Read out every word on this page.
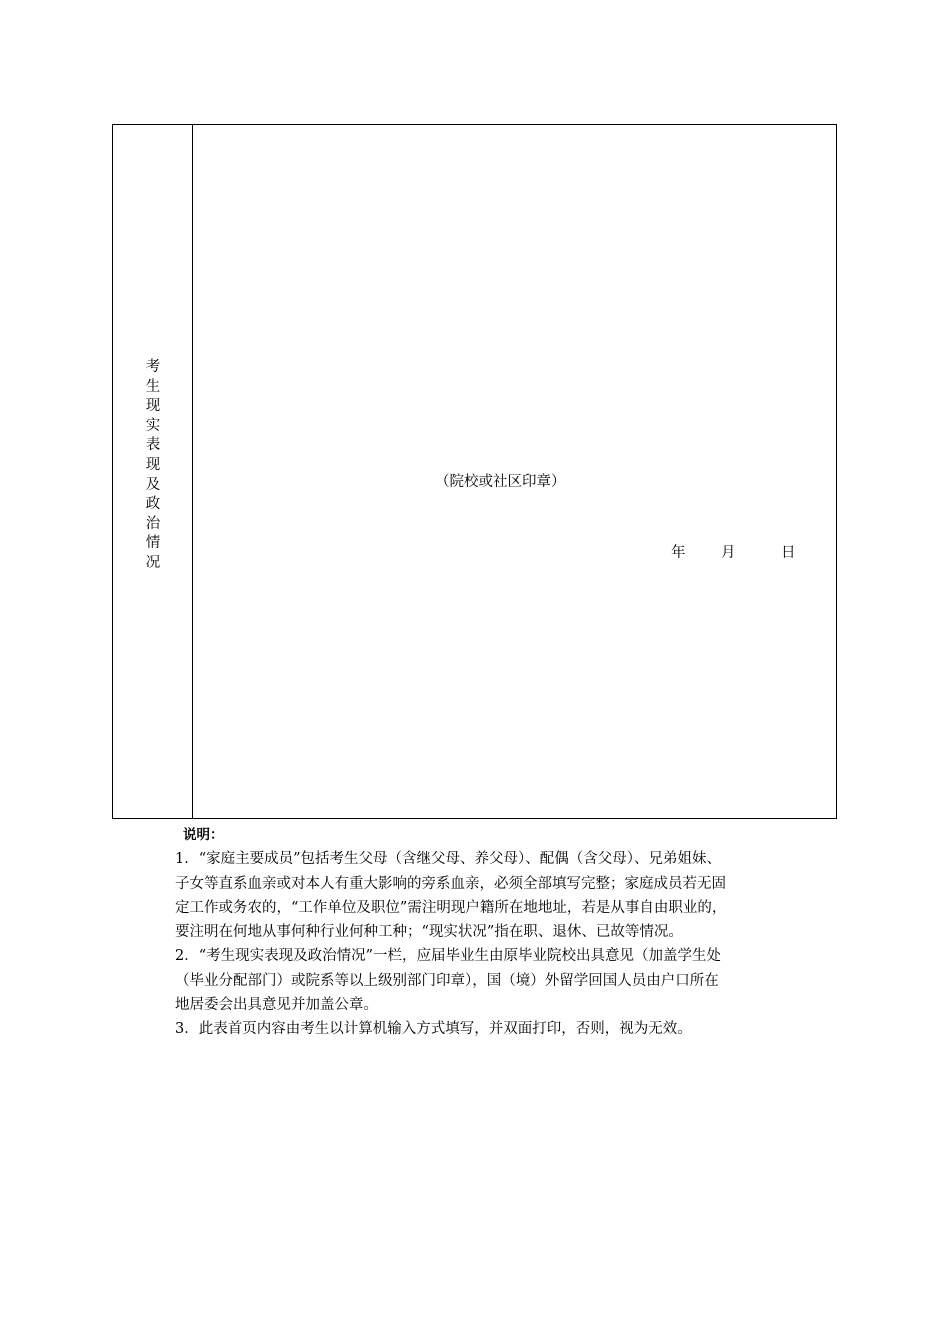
考
生
现
实
表
现
及
政
治
情
况
（院校或社区印章）
年 月	日
说明：
1．“家庭主要成员”包括考生父母（含继父母、养父母）、配偶（含父母）、兄弟姐妹、
子女等直系血亲或对本人有重大影响的旁系血亲，必须全部填写完整；家庭成员若无固
定工作或务农的，“工作单位及职位”需注明现户籍所在地地址，若是从事自由职业的，
要注明在何地从事何种行业何种工种；“现实状况”指在职、退休、已故等情况。
2．“考生现实表现及政治情况”一栏，应届毕业生由原毕业院校出具意见（加盖学生处
（毕业分配部门）或院系等以上级别部门印章），国（境）外留学回国人员由户口所在
地居委会出具意见并加盖公章。
3．此表首页内容由考生以计算机输入方式填写，并双面打印，否则，视为无效。
